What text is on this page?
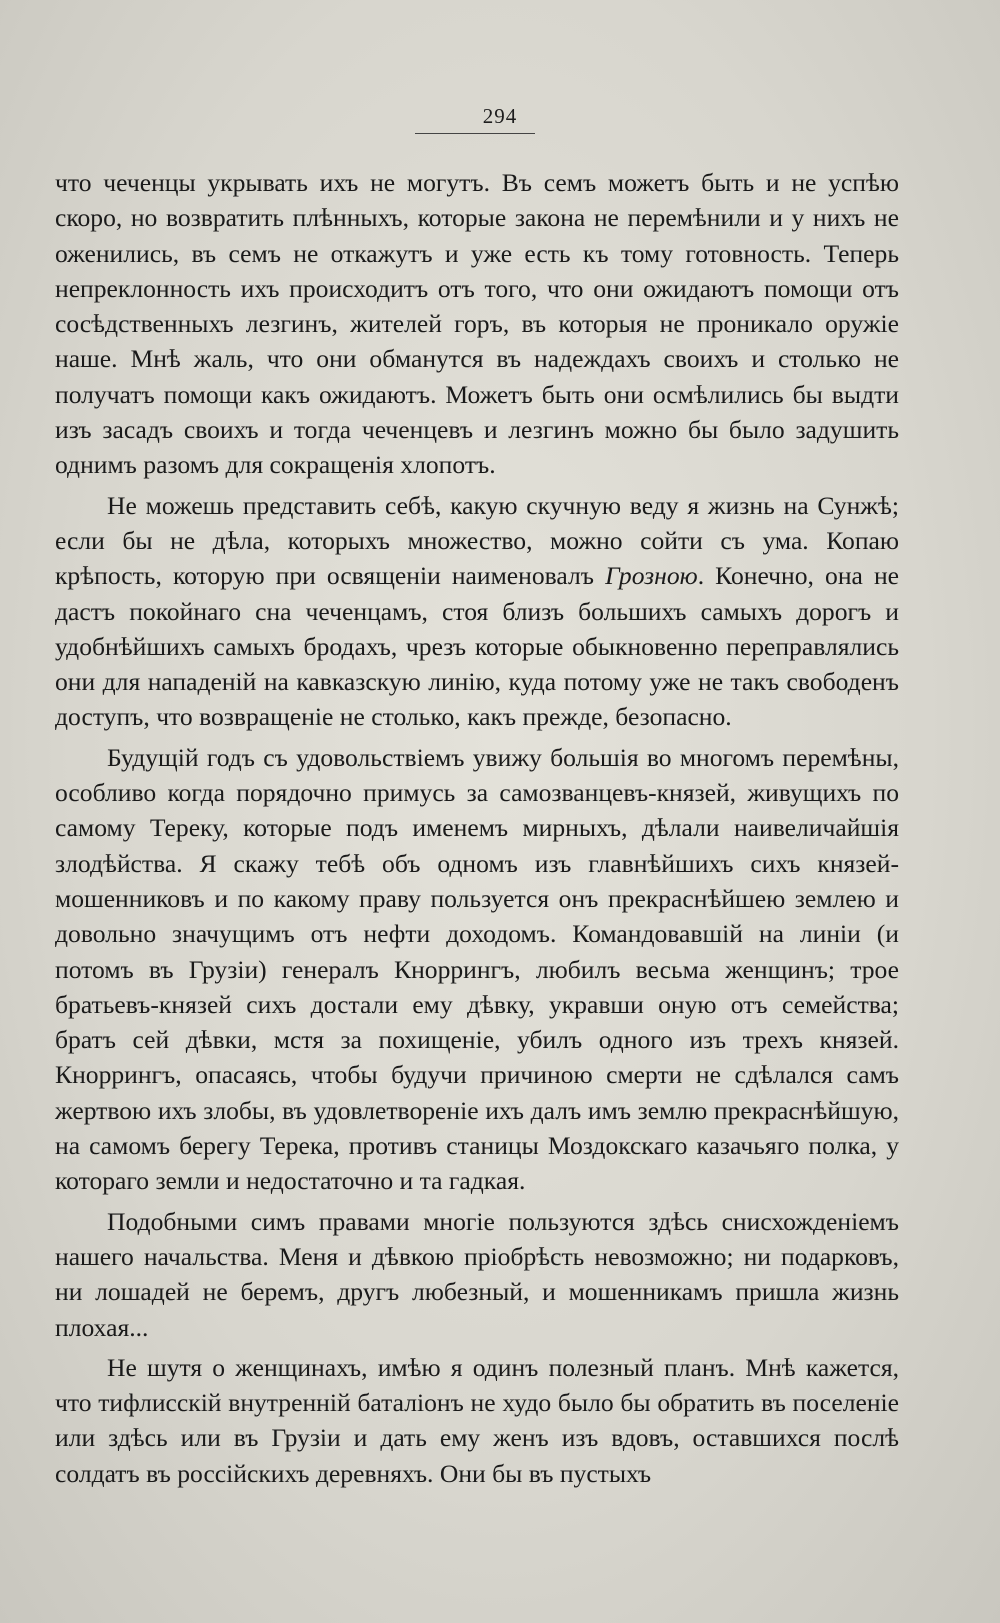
294

что чеченцы укрывать ихъ не могутъ. Въ семъ можетъ быть и не успѣю скоро, но возвратить плѣнныхъ, которые закона не перемѣнили и у нихъ не оженились, въ семъ не откажутъ и уже есть къ тому готовность. Теперь непреклонность ихъ происходитъ отъ того, что они ожидаютъ помощи отъ сосѣдственныхъ лезгинъ, жителей горъ, въ которыя не проникало оружіе наше. Мнѣ жаль, что они обманутся въ надеждахъ своихъ и столько не получатъ помощи какъ ожидаютъ. Можетъ быть они осмѣлились бы выдти изъ засадъ своихъ и тогда чеченцевъ и лезгинъ можно бы было задушить однимъ разомъ для сокращенія хлопотъ.

Не можешь представить себѣ, какую скучную веду я жизнь на Сунжѣ; если бы не дѣла, которыхъ множество, можно сойти съ ума. Копаю крѣпость, которую при освященіи наименовалъ Грозною. Конечно, она не дастъ покойнаго сна чеченцамъ, стоя близъ большихъ самыхъ дорогъ и удобнѣйшихъ самыхъ бродахъ, чрезъ которые обыкновенно переправлялись они для нападеній на кавказскую линію, куда потому уже не такъ свободенъ доступъ, что возвращеніе не столько, какъ прежде, безопасно.

Будущій годъ съ удовольствіемъ увижу большія во многомъ перемѣны, особливо когда порядочно примусь за самозванцевъ-князей, живущихъ по самому Тереку, которые подъ именемъ мирныхъ, дѣлали наивеличайшія злодѣйства. Я скажу тебѣ объ одномъ изъ главнѣйшихъ сихъ князей-мошенниковъ и по какому праву пользуется онъ прекраснѣйшею землею и довольно значущимъ отъ нефти доходомъ. Командовавшій на линіи (и потомъ въ Грузіи) генералъ Кноррингъ, любилъ весьма женщинъ; трое братьевъ-князей сихъ достали ему дѣвку, укравши оную отъ семейства; братъ сей дѣвки, мстя за похищеніе, убилъ одного изъ трехъ князей. Кноррингъ, опасаясь, чтобы будучи причиною смерти не сдѣлался самъ жертвою ихъ злобы, въ удовлетвореніе ихъ далъ имъ землю прекраснѣйшую, на самомъ берегу Терека, противъ станицы Моздокскаго казачьяго полка, у котораго земли и недостаточно и та гадкая.

Подобными симъ правами многіе пользуются здѣсь снисхожденіемъ нашего начальства. Меня и дѣвкою пріобрѣсть невозможно; ни подарковъ, ни лошадей не беремъ, другъ любезный, и мошенникамъ пришла жизнь плохая...

Не шутя о женщинахъ, имѣю я одинъ полезный планъ. Мнѣ кажется, что тифлисскій внутренній баталіонъ не худо было бы обратить въ поселеніе или здѣсь или въ Грузіи и дать ему женъ изъ вдовъ, оставшихся послѣ солдатъ въ россійскихъ деревняхъ. Они бы въ пустыхъ
